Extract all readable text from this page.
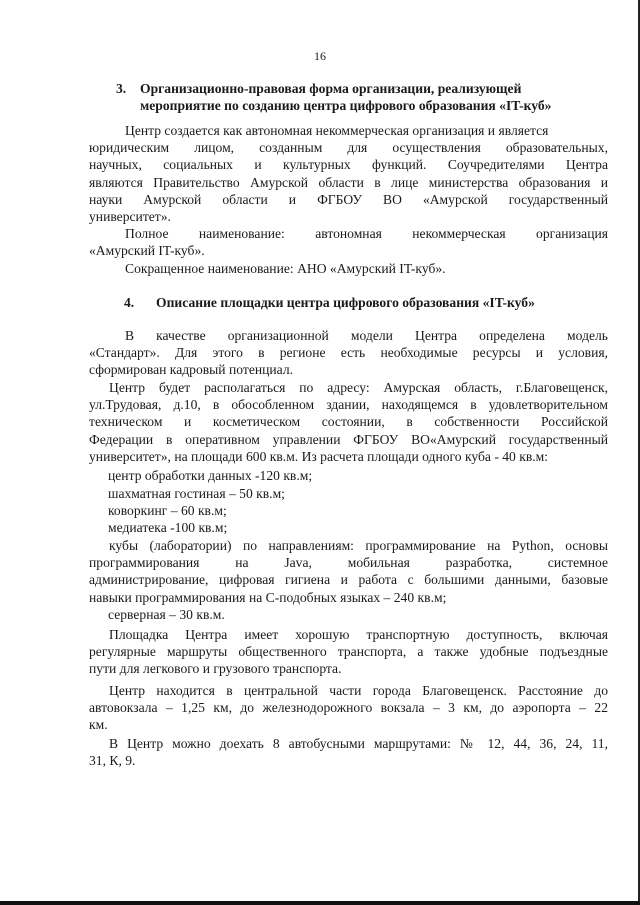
16
3. Организационно-правовая форма организации, реализующей
мероприятие по созданию центра цифрового образования «IT-куб»
Центр создается как автономная некоммерческая организация и является
юридическим лицом, созданным для осуществления образовательных,
научных, социальных и культурных функций. Соучредителями Центра
являются Правительство Амурской области в лице министерства образования и
науки Амурской области и ФГБОУ ВО «Амурской государственный
университет».
Полное наименование: автономная некоммерческая организация
«Амурский IT-куб».
Сокращенное наименование: АНО «Амурский IT-куб».
4. Описание площадки центра цифрового образования «IT-куб»
В качестве организационной модели Центра определена модель
«Стандарт». Для этого в регионе есть необходимые ресурсы и условия,
сформирован кадровый потенциал.
Центр будет располагаться по адресу: Амурская область, г.Благовещенск,
ул.Трудовая, д.10, в обособленном здании, находящемся в удовлетворительном
техническом и косметическом состоянии, в собственности Российской
Федерации в оперативном управлении ФГБОУ ВО«Амурский государственный
университет», на площади 600 кв.м. Из расчета площади одного куба - 40 кв.м:
центр обработки данных -120 кв.м;
шахматная гостиная – 50 кв.м;
коворкинг – 60 кв.м;
медиатека -100 кв.м;
кубы (лаборатории) по направлениям: программирование на Python, основы
программирования на Java, мобильная разработка, системное
администрирование, цифровая гигиена и работа с большими данными, базовые
навыки программирования на С-подобных языках – 240 кв.м;
серверная – 30 кв.м.
Площадка Центра имеет хорошую транспортную доступность, включая
регулярные маршруты общественного транспорта, а также удобные подъездные
пути для легкового и грузового транспорта.
Центр находится в центральной части города Благовещенск. Расстояние до
автовокзала – 1,25 км, до железнодорожного вокзала – 3 км, до аэропорта – 22
км.
В Центр можно доехать 8 автобусными маршрутами: № 12, 44, 36, 24, 11,
31, К, 9.
